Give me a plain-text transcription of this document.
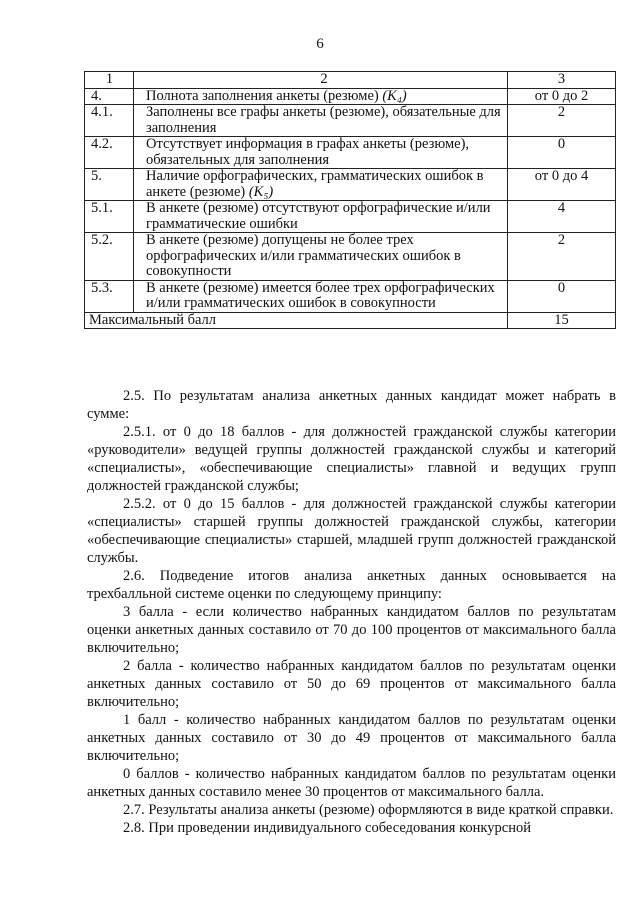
6
1	2	3
4.	Полнота заполнения анкеты (резюме) (K₄)	от 0 до 2
4.1.	Заполнены все графы анкеты (резюме), обязательные для заполнения	2
4.2.	Отсутствует информация в графах анкеты (резюме), обязательных для заполнения	0
5.	Наличие орфографических, грамматических ошибок в анкете (резюме) (K₅)	от 0 до 4
5.1.	В анкете (резюме) отсутствуют орфографические и/или грамматические ошибки	4
5.2.	В анкете (резюме) допущены не более трех орфографических и/или грамматических ошибок в совокупности	2
5.3.	В анкете (резюме) имеется более трех орфографических и/или грамматических ошибок в совокупности	0
Максимальный балл		15

2.5. По результатам анализа анкетных данных кандидат может набрать в сумме:

2.5.1. от 0 до 18 баллов - для должностей гражданской службы категории «руководители» ведущей группы должностей гражданской службы и категорий «специалисты», «обеспечивающие специалисты» главной и ведущих групп должностей гражданской службы;

2.5.2. от 0 до 15 баллов - для должностей гражданской службы категории «специалисты» старшей группы должностей гражданской службы, категории «обеспечивающие специалисты» старшей, младшей групп должностей гражданской службы.

2.6. Подведение итогов анализа анкетных данных основывается на трехбалльной системе оценки по следующему принципу:

3 балла - если количество набранных кандидатом баллов по результатам оценки анкетных данных составило от 70 до 100 процентов от максимального балла включительно;

2 балла - количество набранных кандидатом баллов по результатам оценки анкетных данных составило от 50 до 69 процентов от максимального балла включительно;

1 балл - количество набранных кандидатом баллов по результатам оценки анкетных данных составило от 30 до 49 процентов от максимального балла включительно;

0 баллов - количество набранных кандидатом баллов по результатам оценки анкетных данных составило менее 30 процентов от максимального балла.

2.7. Результаты анализа анкеты (резюме) оформляются в виде краткой справки.

2.8. При проведении индивидуального собеседования конкурсной
